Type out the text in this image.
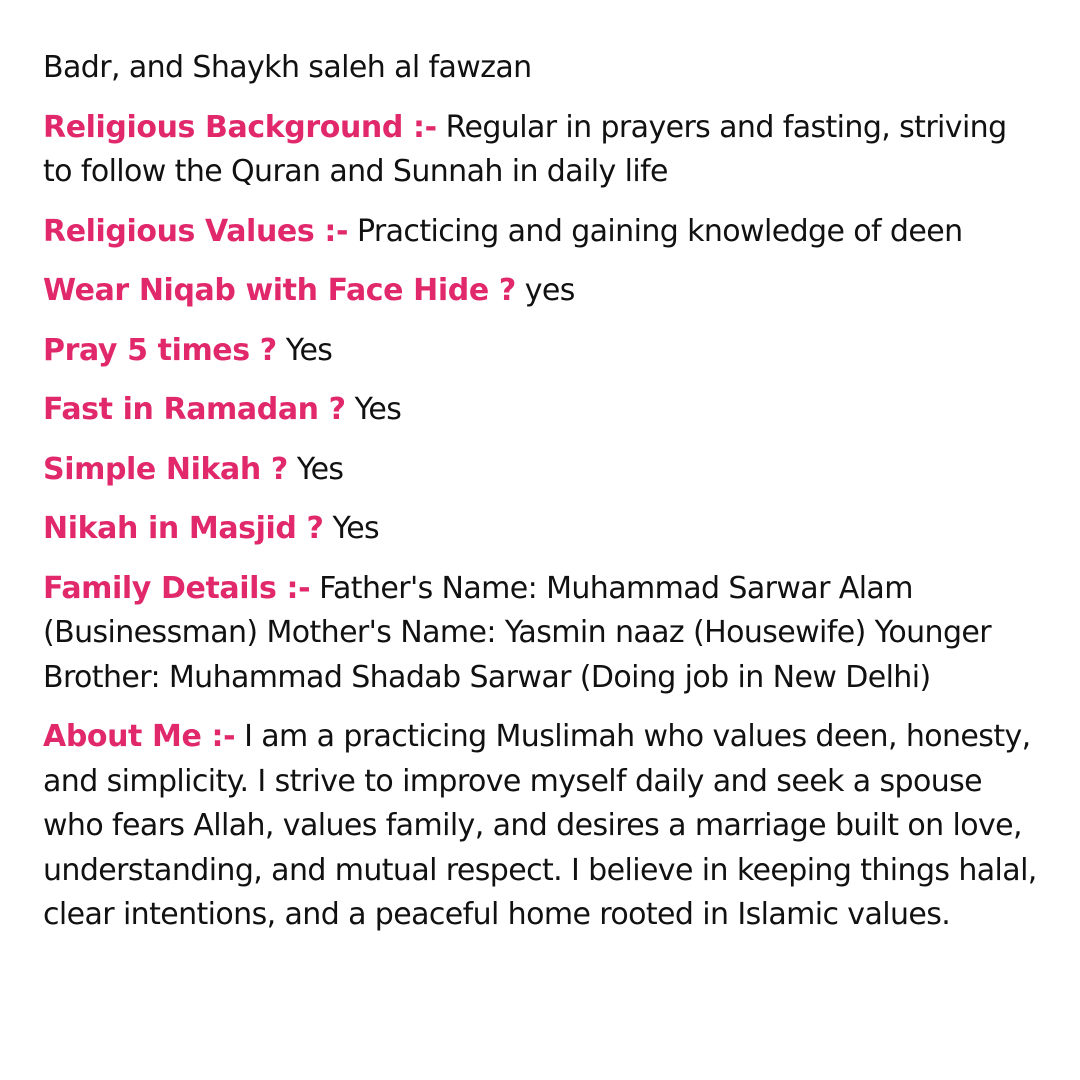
Badr, and Shaykh saleh al fawzan

Religious Background :- Regular in prayers and fasting, striving to follow the Quran and Sunnah in daily life

Religious Values :- Practicing and gaining knowledge of deen

Wear Niqab with Face Hide ? yes

Pray 5 times ? Yes

Fast in Ramadan ? Yes

Simple Nikah ? Yes

Nikah in Masjid ? Yes

Family Details :- Father's Name: Muhammad Sarwar Alam (Businessman) Mother's Name: Yasmin naaz (Housewife) Younger Brother: Muhammad Shadab Sarwar (Doing job in New Delhi)

About Me :- I am a practicing Muslimah who values deen, honesty, and simplicity. I strive to improve myself daily and seek a spouse who fears Allah, values family, and desires a marriage built on love, understanding, and mutual respect. I believe in keeping things halal, clear intentions, and a peaceful home rooted in Islamic values.
